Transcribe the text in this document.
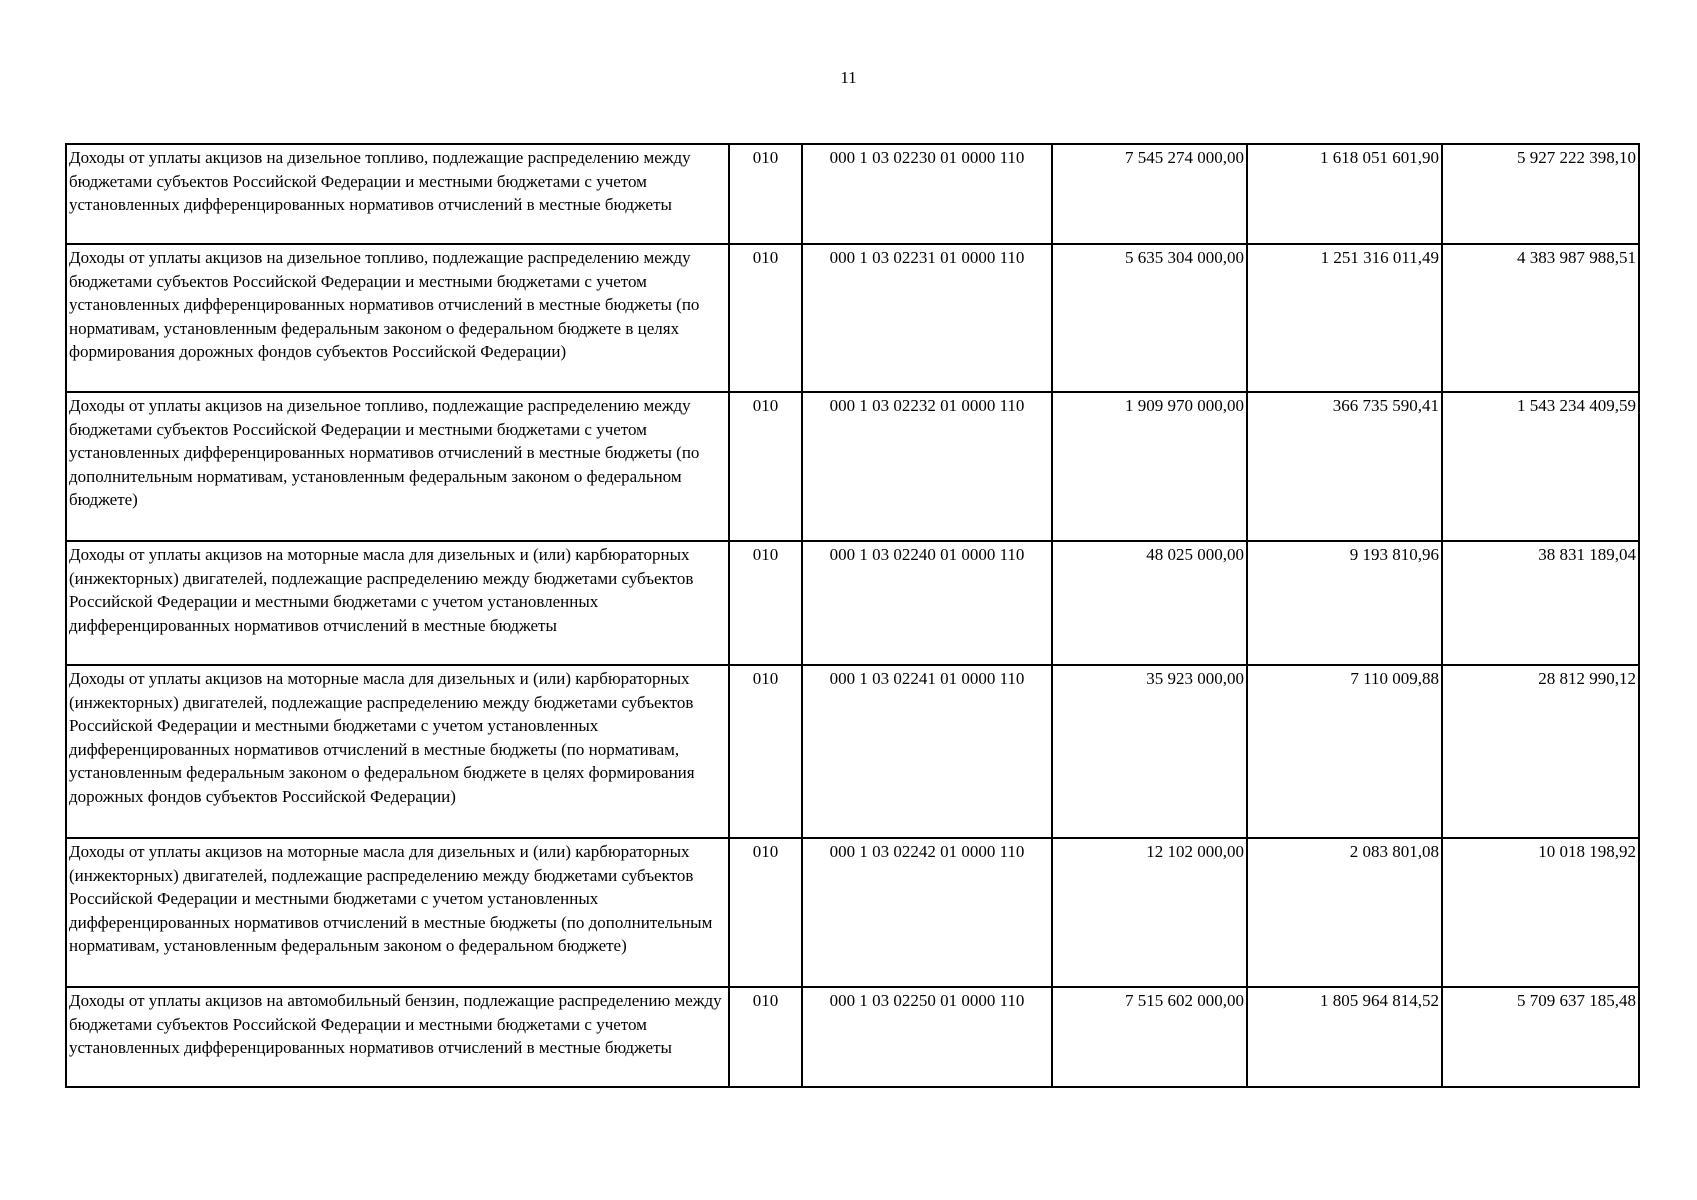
11
Доходы от уплаты акцизов на дизельное топливо, подлежащие распределению между бюджетами субъектов Российской Федерации и местными бюджетами с учетом установленных дифференцированных нормативов отчислений в местные бюджеты	010	000 1 03 02230 01 0000 110	7 545 274 000,00	1 618 051 601,90	5 927 222 398,10
Доходы от уплаты акцизов на дизельное топливо, подлежащие распределению между бюджетами субъектов Российской Федерации и местными бюджетами с учетом установленных дифференцированных нормативов отчислений в местные бюджеты (по нормативам, установленным федеральным законом о федеральном бюджете в целях формирования дорожных фондов субъектов Российской Федерации)	010	000 1 03 02231 01 0000 110	5 635 304 000,00	1 251 316 011,49	4 383 987 988,51
Доходы от уплаты акцизов на дизельное топливо, подлежащие распределению между бюджетами субъектов Российской Федерации и местными бюджетами с учетом установленных дифференцированных нормативов отчислений в местные бюджеты (по дополнительным нормативам, установленным федеральным законом о федеральном бюджете)	010	000 1 03 02232 01 0000 110	1 909 970 000,00	366 735 590,41	1 543 234 409,59
Доходы от уплаты акцизов на моторные масла для дизельных и (или) карбюраторных (инжекторных) двигателей, подлежащие распределению между бюджетами субъектов Российской Федерации и местными бюджетами с учетом установленных дифференцированных нормативов отчислений в местные бюджеты	010	000 1 03 02240 01 0000 110	48 025 000,00	9 193 810,96	38 831 189,04
Доходы от уплаты акцизов на моторные масла для дизельных и (или) карбюраторных (инжекторных) двигателей, подлежащие распределению между бюджетами субъектов Российской Федерации и местными бюджетами с учетом установленных дифференцированных нормативов отчислений в местные бюджеты (по нормативам, установленным федеральным законом о федеральном бюджете в целях формирования дорожных фондов субъектов Российской Федерации)	010	000 1 03 02241 01 0000 110	35 923 000,00	7 110 009,88	28 812 990,12
Доходы от уплаты акцизов на моторные масла для дизельных и (или) карбюраторных (инжекторных) двигателей, подлежащие распределению между бюджетами субъектов Российской Федерации и местными бюджетами с учетом установленных дифференцированных нормативов отчислений в местные бюджеты (по дополнительным нормативам, установленным федеральным законом о федеральном бюджете)	010	000 1 03 02242 01 0000 110	12 102 000,00	2 083 801,08	10 018 198,92
Доходы от уплаты акцизов на автомобильный бензин, подлежащие распределению между бюджетами субъектов Российской Федерации и местными бюджетами с учетом установленных дифференцированных нормативов отчислений в местные бюджеты	010	000 1 03 02250 01 0000 110	7 515 602 000,00	1 805 964 814,52	5 709 637 185,48
